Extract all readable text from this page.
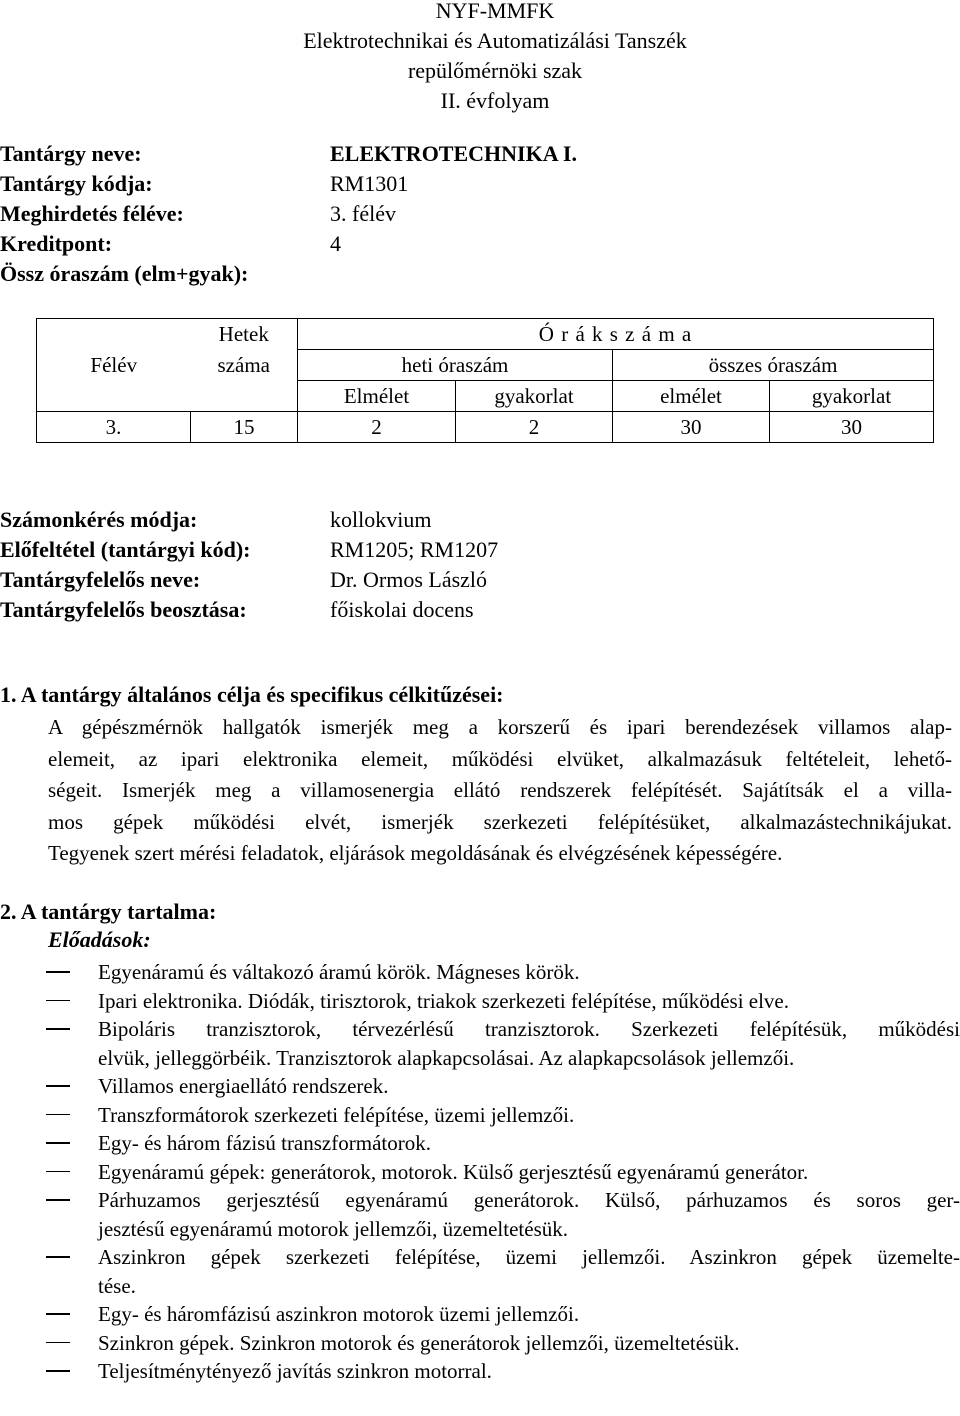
NYF-MMFK
Elektrotechnikai és Automatizálási Tanszék
repülőmérnöki szak
II. évfolyam
Tantárgy neve:	ELEKTROTECHNIKA I.
Tantárgy kódja:	RM1301
Meghirdetés féléve:	3. félév
Kreditpont:	4
Össz óraszám (elm+gyak):
Félév	Hetek	Ó r á k s z á m a			
	száma	heti óraszám		összes óraszám	
		Elmélet	gyakorlat	elmélet	gyakorlat
3.	15	2	2	30	30
Számonkérés módja:	kollokvium
Előfeltétel (tantárgyi kód):	RM1205; RM1207
Tantárgyfelelős neve:	Dr. Ormos László
Tantárgyfelelős beosztása:	főiskolai docens
1. A tantárgy általános célja és specifikus célkitűzései:
A gépészmérnök hallgatók ismerjék meg a korszerű és ipari berendezések villamos alap-
elemeit, az ipari elektronika elemeit, működési elvüket, alkalmazásuk feltételeit, lehető-
ségeit. Ismerjék meg a villamosenergia ellátó rendszerek felépítését. Sajátítsák el a villa-
mos gépek működési elvét, ismerjék szerkezeti felépítésüket, alkalmazástechnikájukat.
Tegyenek szert mérési feladatok, eljárások megoldásának és elvégzésének képességére.
2. A tantárgy tartalma:
Előadások:
Egyenáramú és váltakozó áramú körök. Mágneses körök.
Ipari elektronika. Diódák, tirisztorok, triakok szerkezeti felépítése, működési elve.
Bipoláris tranzisztorok, térvezérlésű tranzisztorok. Szerkezeti felépítésük, működési
elvük, jelleggörbéik. Tranzisztorok alapkapcsolásai. Az alapkapcsolások jellemzői.
Villamos energiaellátó rendszerek.
Transzformátorok szerkezeti felépítése, üzemi jellemzői.
Egy- és három fázisú transzformátorok.
Egyenáramú gépek: generátorok, motorok. Külső gerjesztésű egyenáramú generátor.
Párhuzamos gerjesztésű egyenáramú generátorok. Külső, párhuzamos és soros ger-
jesztésű egyenáramú motorok jellemzői, üzemeltetésük.
Aszinkron gépek szerkezeti felépítése, üzemi jellemzői. Aszinkron gépek üzemelte-
tése.
Egy- és háromfázisú aszinkron motorok üzemi jellemzői.
Szinkron gépek. Szinkron motorok és generátorok jellemzői, üzemeltetésük.
Teljesítménytényező javítás szinkron motorral.
